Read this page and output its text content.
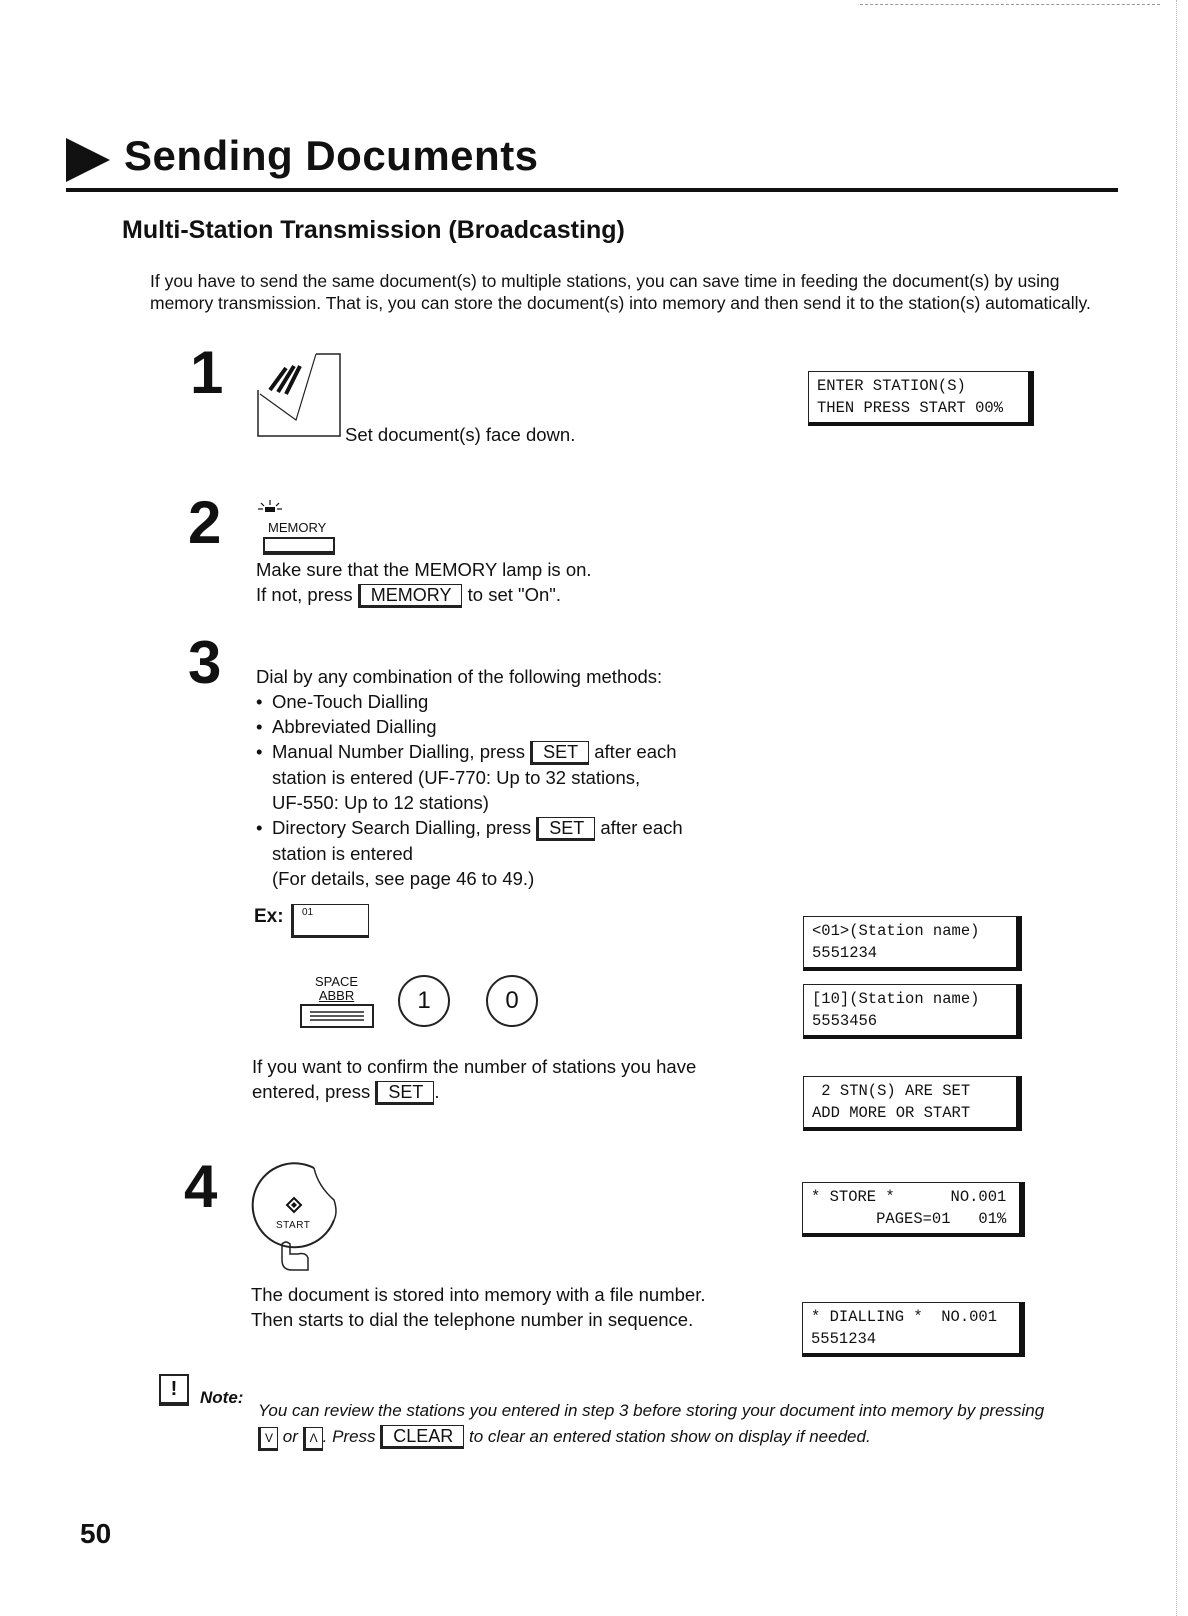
Sending Documents
Multi-Station Transmission (Broadcasting)
If you have to send the same document(s) to multiple stations, you can save time in feeding the document(s) by using memory transmission. That is, you can store the document(s) into memory and then send it to the station(s) automatically.
1
Set document(s) face down.
ENTER STATION(S)
THEN PRESS START 00%
2	MEMORY
Make sure that the MEMORY lamp is on.
If not, press MEMORY to set "On".
3 Dial by any combination of the following methods:
• One-Touch Dialling
• Abbreviated Dialling
• Manual Number Dialling, press SET after each
station is entered (UF-770: Up to 32 stations,
UF-550: Up to 12 stations)
• Directory Search Dialling, press SET after each
station is entered
(For details, see page 46 to 49.)
Ex:	01
SPACE
ABBR	1	0
If you want to confirm the number of stations you have
entered, press SET .
<01>(Station name)
5551234
[10](Station name)
5553456
2 STN(S) ARE SET
ADD MORE OR START
4
START
The document is stored into memory with a file number.
Then starts to dial the telephone number in sequence.
* STORE *      NO.001
PAGES=01   01%
* DIALLING *  NO.001
5551234
!	Note:
You can review the stations you entered in step 3 before storing your document into memory by pressing
V or Λ . Press CLEAR to clear an entered station show on display if needed.
50
